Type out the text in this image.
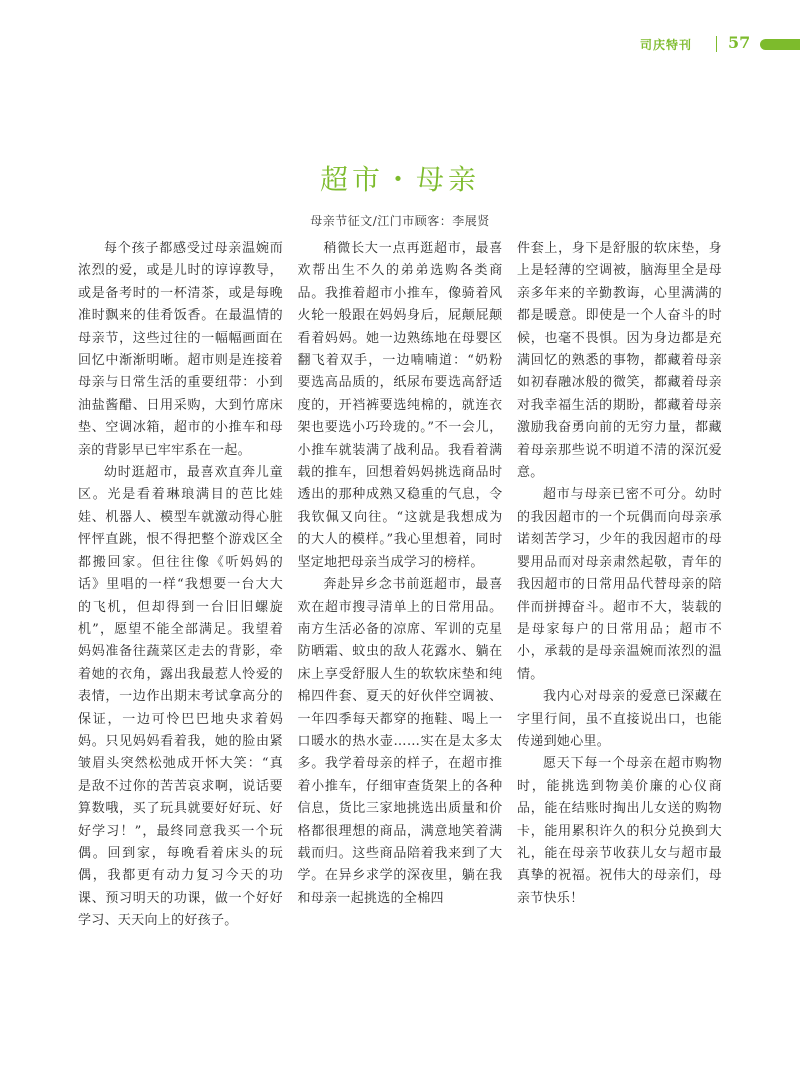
司庆特刊 57
超市・母亲
母亲节征文/江门市顾客：李展贤

每个孩子都感受过母亲温婉而浓烈的爱，或是儿时的谆谆教导，或是备考时的一杯清茶，或是每晚准时飘来的佳肴饭香。在最温情的母亲节，这些过往的一幅幅画面在回忆中渐渐明晰。超市则是连接着母亲与日常生活的重要纽带：小到油盐酱醋、日用采购，大到竹席床垫、空调冰箱，超市的小推车和母亲的背影早已牢牢系在一起。

幼时逛超市，最喜欢直奔儿童区。光是看着琳琅满目的芭比娃娃、机器人、模型车就激动得心脏怦怦直跳，恨不得把整个游戏区全都搬回家。但往往像《听妈妈的话》里唱的一样“我想要一台大大的飞机，但却得到一台旧旧螺旋机”，愿望不能全部满足。我望着妈妈准备往蔬菜区走去的背影，牵着她的衣角，露出我最惹人怜爱的表情，一边作出期末考试拿高分的保证，一边可怜巴巴地央求着妈妈。只见妈妈看着我，她的脸由紧皱眉头突然松弛成开怀大笑：“真是敌不过你的苦苦哀求啊，说话要算数哦，买了玩具就要好好玩、好好学习！”，最终同意我买一个玩偶。回到家，每晚看着床头的玩偶，我都更有动力复习今天的功课、预习明天的功课，做一个好好学习、天天向上的好孩子。

稍微长大一点再逛超市，最喜欢帮出生不久的弟弟选购各类商品。我推着超市小推车，像骑着风火轮一般跟在妈妈身后，屁颠屁颠看着妈妈。她一边熟练地在母婴区翻飞着双手，一边喃喃道：“奶粉要选高品质的，纸尿布要选高舒适度的，开裆裤要选纯棉的，就连衣架也要选小巧玲珑的。”不一会儿，小推车就装满了战利品。我看着满载的推车，回想着妈妈挑选商品时透出的那种成熟又稳重的气息，令我钦佩又向往。“这就是我想成为的大人的模样。”我心里想着，同时坚定地把母亲当成学习的榜样。

奔赴异乡念书前逛超市，最喜欢在超市搜寻清单上的日常用品。南方生活必备的凉席、军训的克星防晒霜、蚊虫的敌人花露水、躺在床上享受舒服人生的软软床垫和纯棉四件套、夏天的好伙伴空调被、一年四季每天都穿的拖鞋、喝上一口暖水的热水壶……实在是太多太多。我学着母亲的样子，在超市推着小推车，仔细审查货架上的各种信息，货比三家地挑选出质量和价格都很理想的商品，满意地笑着满载而归。这些商品陪着我来到了大学。在异乡求学的深夜里，躺在我和母亲一起挑选的全棉四

件套上，身下是舒服的软床垫，身上是轻薄的空调被，脑海里全是母亲多年来的辛勤教诲，心里满满的都是暖意。即使是一个人奋斗的时候，也毫不畏惧。因为身边都是充满回忆的熟悉的事物，都藏着母亲如初春融冰般的微笑，都藏着母亲对我幸福生活的期盼，都藏着母亲激励我奋勇向前的无穷力量，都藏着母亲那些说不明道不清的深沉爱意。

超市与母亲已密不可分。幼时的我因超市的一个玩偶而向母亲承诺刻苦学习，少年的我因超市的母婴用品而对母亲肃然起敬，青年的我因超市的日常用品代替母亲的陪伴而拼搏奋斗。超市不大，装载的是母家每户的日常用品；超市不小，承载的是母亲温婉而浓烈的温情。

我内心对母亲的爱意已深藏在字里行间，虽不直接说出口，也能传递到她心里。

愿天下每一个母亲在超市购物时，能挑选到物美价廉的心仪商品，能在结账时掏出儿女送的购物卡，能用累积许久的积分兑换到大礼，能在母亲节收获儿女与超市最真挚的祝福。祝伟大的母亲们，母亲节快乐！
